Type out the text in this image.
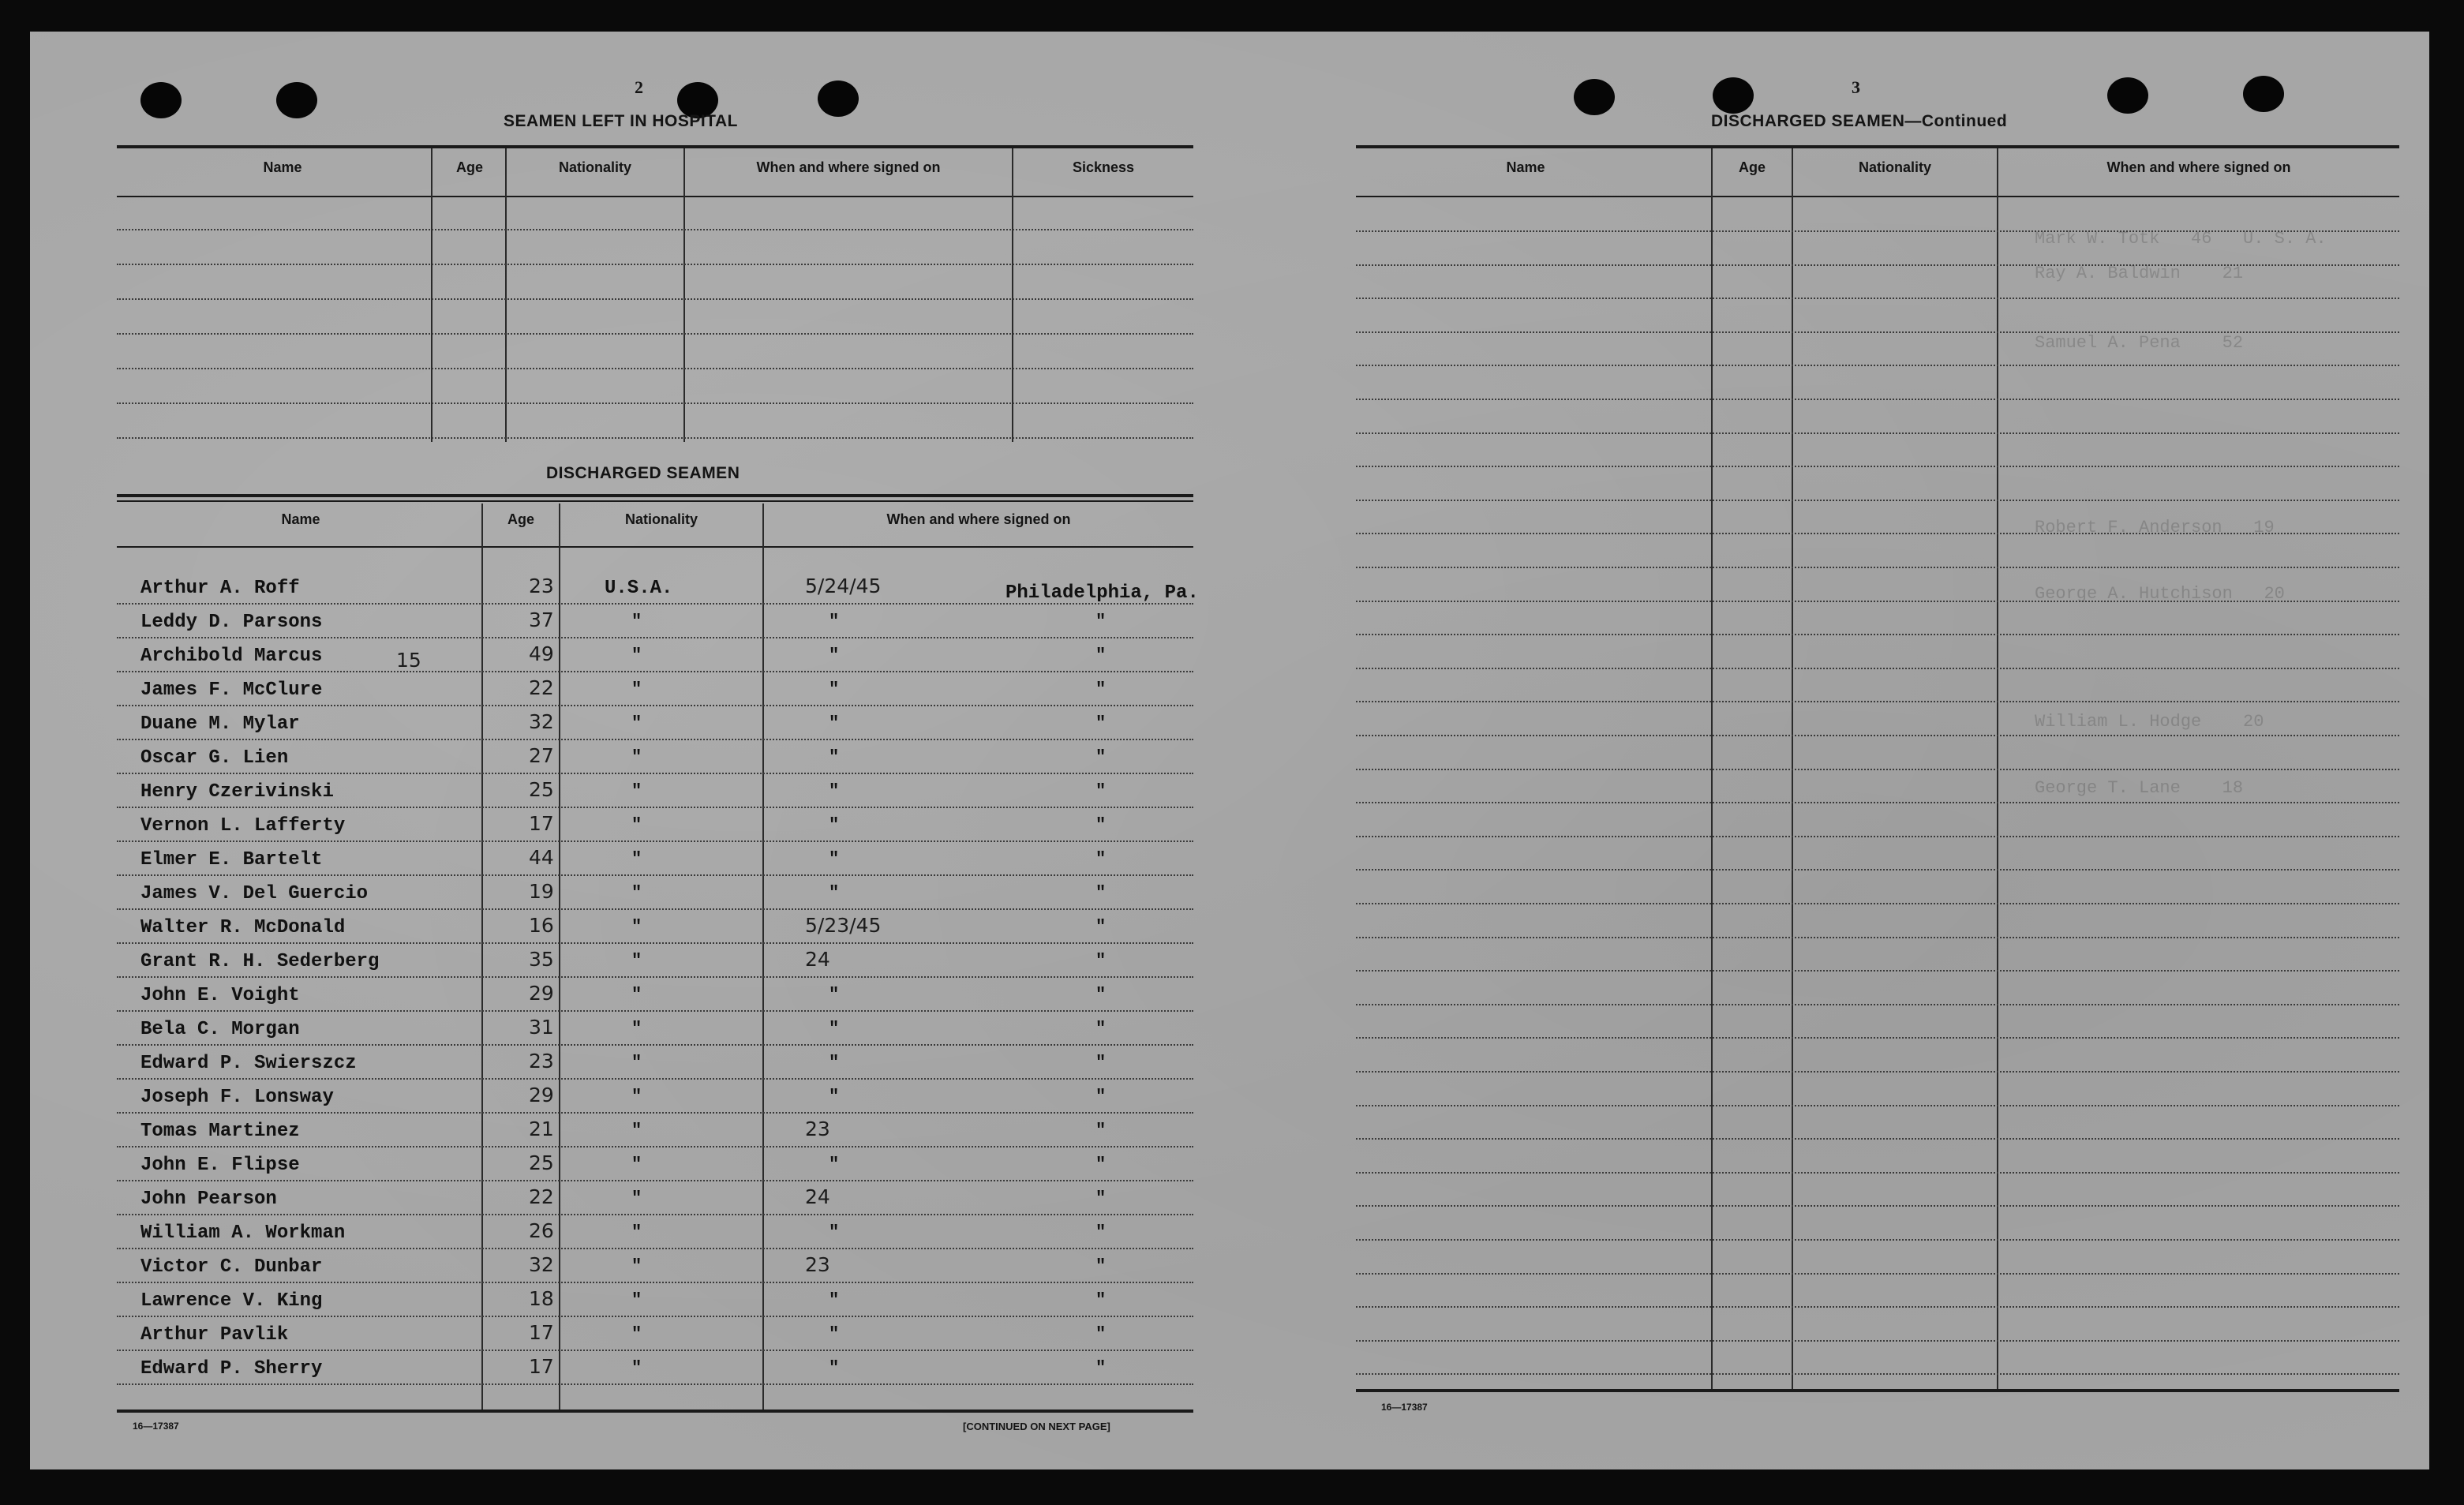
2
SEAMEN LEFT IN HOSPITAL
Name	Age	Nationality	When and where signed on	Sickness
DISCHARGED SEAMEN
Name	Age	Nationality	When and where signed on
Arthur A. Roff	23	U.S.A.	5/24/45	Philadelphia, Pa.
Leddy D. Parsons	37	"	"	"
Archibold Marcus	49	"	"	"
James F. McClure	22	"	"	"
Duane M. Mylar	32	"	"	"
Oscar G. Lien	27	"	"	"
Henry Czerivinski	25	"	"	"
Vernon L. Lafferty	17	"	"	"
Elmer E. Bartelt	44	"	"	"
James V. Del Guercio	19	"	"	"
Walter R. McDonald	16	"	5/23/45	"
Grant R. H. Sederberg	35	"	24	"
John E. Voight	29	"	"	"
Bela C. Morgan	31	"	"	"
Edward P. Swierszcz	23	"	"	"
Joseph F. Lonsway	29	"	"	"
Tomas Martinez	21	"	23	"
John E. Flipse	25	"	"	"
John Pearson	22	"	24	"
William A. Workman	26	"	"	"
Victor C. Dunbar	32	"	23	"
Lawrence V. King	18	"	"	"
Arthur Pavlik	17	"	"	"
Edward P. Sherry	17	"	"	"
16—17387	[CONTINUED ON NEXT PAGE]
15
3
DISCHARGED SEAMEN—Continued
Name	Age	Nationality	When and where signed on
16—17387
Mark W. Totk   46   U. S. A.
Ray A. Baldwin    21
Samuel A. Pena    52
Robert F. Anderson   19
George A. Hutchison   20
William L. Hodge    20
George T. Lane    18
